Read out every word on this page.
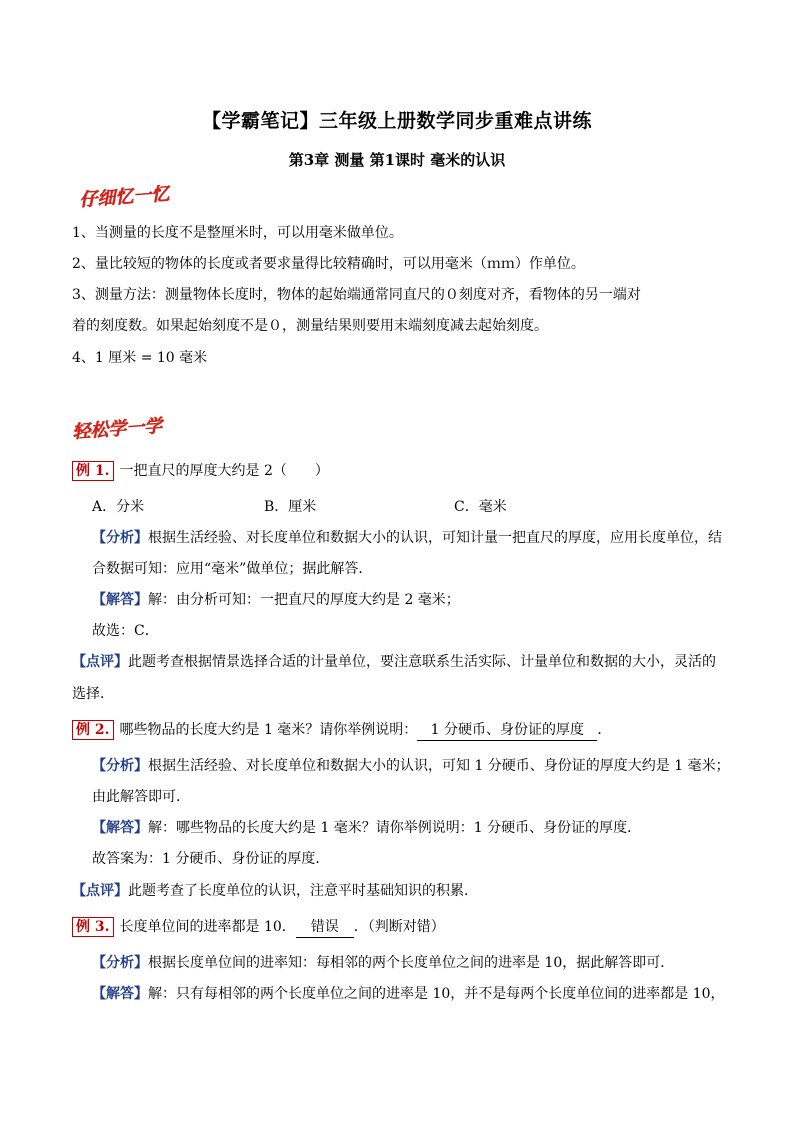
【学霸笔记】三年级上册数学同步重难点讲练
第3章 测量 第1课时 毫米的认识
仔细忆一忆
1、当测量的长度不是整厘米时，可以用毫米做单位。
2、量比较短的物体的长度或者要求量得比较精确时，可以用毫米（ｍｍ）作单位。
3、测量方法：测量物体长度时，物体的起始端通常同直尺的０刻度对齐，看物体的另一端对
着的刻度数。如果起始刻度不是０，测量结果则要用末端刻度减去起始刻度。
4、1 厘米 = 10 毫米
轻松学一学
例 1. 一把直尺的厚度大约是 2（　　）
A．分米	B．厘米	C．毫米
【分析】根据生活经验、对长度单位和数据大小的认识，可知计量一把直尺的厚度，应用长度单位，结
合数据可知：应用“毫米”做单位；据此解答．
【解答】解：由分析可知：一把直尺的厚度大约是 2 毫米；
故选：C．
【点评】此题考查根据情景选择合适的计量单位，要注意联系生活实际、计量单位和数据的大小，灵活的
选择．
例 2. 哪些物品的长度大约是 1 毫米？请你举例说明： 1 分硬币、身份证的厚度 ．
【分析】根据生活经验、对长度单位和数据大小的认识，可知 1 分硬币、身份证的厚度大约是 1 毫米；
由此解答即可．
【解答】解：哪些物品的长度大约是 1 毫米？请你举例说明：1 分硬币、身份证的厚度．
故答案为：1 分硬币、身份证的厚度．
【点评】此题考查了长度单位的认识，注意平时基础知识的积累．
例 3. 长度单位间的进率都是 10． 错误 ．（判断对错）
【分析】根据长度单位间的进率知：每相邻的两个长度单位之间的进率是 10，据此解答即可．
【解答】解：只有每相邻的两个长度单位之间的进率是 10，并不是每两个长度单位间的进率都是 10，
